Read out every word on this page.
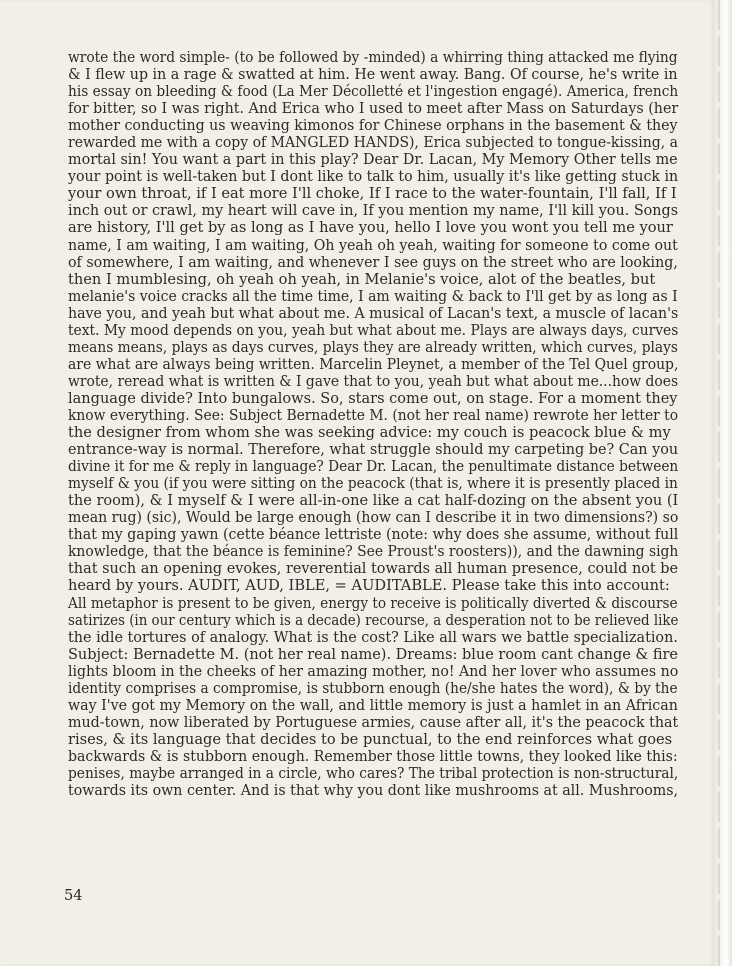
wrote the word simple- (to be followed by -minded) a whirring thing attacked me flying
& I flew up in a rage & swatted at him. He went away. Bang. Of course, he's write in
his essay on bleeding & food (La Mer Décolletté et l'ingestion engagé). America, french
for bitter, so I was right. And Erica who I used to meet after Mass on Saturdays (her
mother conducting us weaving kimonos for Chinese orphans in the basement & they
rewarded me with a copy of MANGLED HANDS), Erica subjected to tongue-kissing, a
mortal sin! You want a part in this play? Dear Dr. Lacan, My Memory Other tells me
your point is well-taken but I dont like to talk to him, usually it's like getting stuck in
your own throat, if I eat more I'll choke, If I race to the water-fountain, I'll fall, If I
inch out or crawl, my heart will cave in, If you mention my name, I'll kill you. Songs
are history, I'll get by as long as I have you, hello I love you wont you tell me your
name, I am waiting, I am waiting, Oh yeah oh yeah, waiting for someone to come out
of somewhere, I am waiting, and whenever I see guys on the street who are looking,
then I mumblesing, oh yeah oh yeah, in Melanie's voice, alot of the beatles, but
melanie's voice cracks all the time time, I am waiting & back to I'll get by as long as I
have you, and yeah but what about me. A musical of Lacan's text, a muscle of lacan's
text. My mood depends on you, yeah but what about me. Plays are always days, curves
means means, plays as days curves, plays they are already written, which curves, plays
are what are always being written. Marcelin Pleynet, a member of the Tel Quel group,
wrote, reread what is written & I gave that to you, yeah but what about me...how does
language divide? Into bungalows. So, stars come out, on stage. For a moment they
know everything. See: Subject Bernadette M. (not her real name) rewrote her letter to
the designer from whom she was seeking advice: my couch is peacock blue & my
entrance-way is normal. Therefore, what struggle should my carpeting be? Can you
divine it for me & reply in language? Dear Dr. Lacan, the penultimate distance between
myself & you (if you were sitting on the peacock (that is, where it is presently placed in
the room), & I myself & I were all-in-one like a cat half-dozing on the absent you (I
mean rug) (sic), Would be large enough (how can I describe it in two dimensions?) so
that my gaping yawn (cette béance lettriste (note: why does she assume, without full
knowledge, that the béance is feminine? See Proust's roosters)), and the dawning sigh
that such an opening evokes, reverential towards all human presence, could not be
heard by yours. AUDIT, AUD, IBLE, = AUDITABLE. Please take this into account:
All metaphor is present to be given, energy to receive is politically diverted & discourse
satirizes (in our century which is a decade) recourse, a desperation not to be relieved like
the idle tortures of analogy. What is the cost? Like all wars we battle specialization.
Subject: Bernadette M. (not her real name). Dreams: blue room cant change & fire
lights bloom in the cheeks of her amazing mother, no! And her lover who assumes no
identity comprises a compromise, is stubborn enough (he/she hates the word), & by the
way I've got my Memory on the wall, and little memory is just a hamlet in an African
mud-town, now liberated by Portuguese armies, cause after all, it's the peacock that
rises, & its language that decides to be punctual, to the end reinforces what goes
backwards & is stubborn enough. Remember those little towns, they looked like this:
penises, maybe arranged in a circle, who cares? The tribal protection is non-structural,
towards its own center. And is that why you dont like mushrooms at all. Mushrooms,
54
